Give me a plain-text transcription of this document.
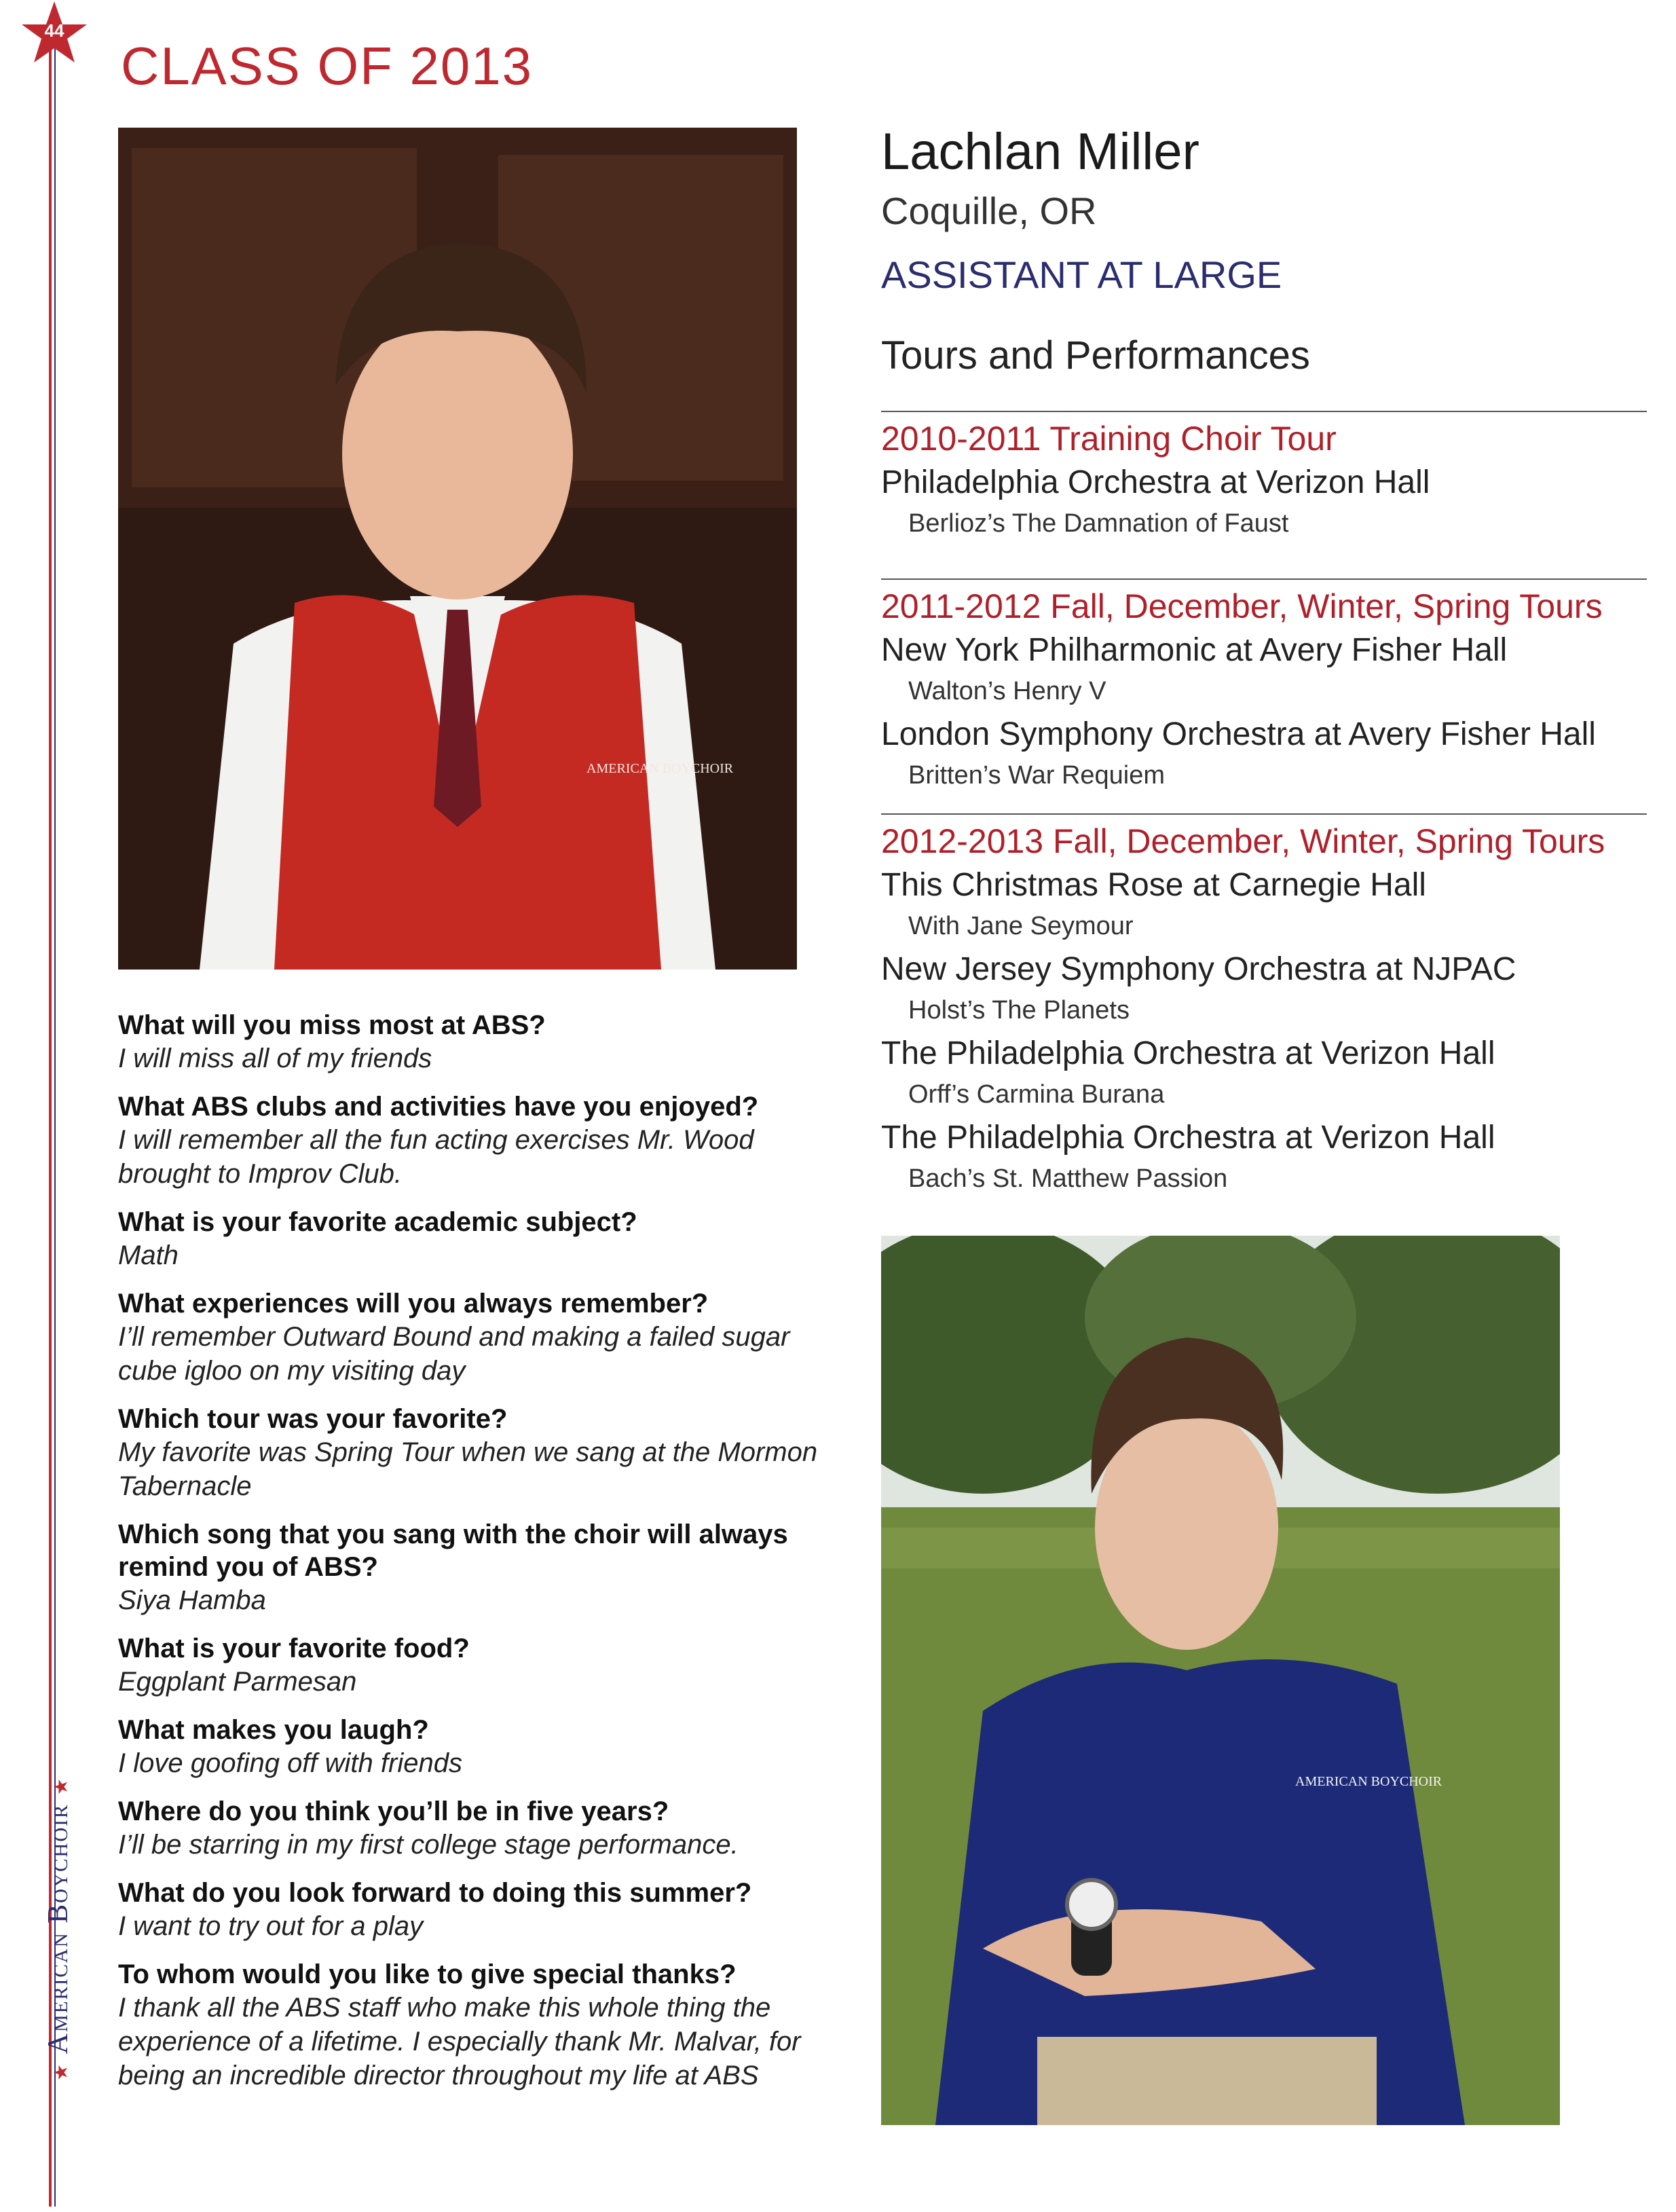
44
CLASS OF 2013
★ American Boychoir ★
AMERICAN BOYCHOIR
Lachlan Miller
Coquille, OR
ASSISTANT AT LARGE
Tours and Performances
2010-2011 Training Choir Tour
Philadelphia Orchestra at Verizon Hall
Berlioz’s The Damnation of Faust
2011-2012 Fall, December, Winter, Spring Tours
New York Philharmonic at Avery Fisher Hall
Walton’s Henry V
London Symphony Orchestra at Avery Fisher Hall
Britten’s War Requiem
2012-2013 Fall, December, Winter, Spring Tours
This Christmas Rose at Carnegie Hall
With Jane Seymour
New Jersey Symphony Orchestra at NJPAC
Holst’s The Planets
The Philadelphia Orchestra at Verizon Hall
Orff’s Carmina Burana
The Philadelphia Orchestra at Verizon Hall
Bach’s St. Matthew Passion
What will you miss most at ABS?
I will miss all of my friends
What ABS clubs and activities have you enjoyed?
I will remember all the fun acting exercises Mr. Wood brought to Improv Club.
What is your favorite academic subject?
Math
What experiences will you always remember?
I’ll remember Outward Bound and making a failed sugar cube igloo on my visiting day
Which tour was your favorite?
My favorite was Spring Tour when we sang at the Mormon Tabernacle
Which song that you sang with the choir will always remind you of ABS?
Siya Hamba
What is your favorite food?
Eggplant Parmesan
What makes you laugh?
I love goofing off with friends
Where do you think you’ll be in five years?
I’ll be starring in my first college stage performance.
What do you look forward to doing this summer?
I want to try out for a play
To whom would you like to give special thanks?
I thank all the ABS staff who make this whole thing the experience of a lifetime. I especially thank Mr. Malvar, for being an incredible director throughout my life at ABS
AMERICAN BOYCHOIR
